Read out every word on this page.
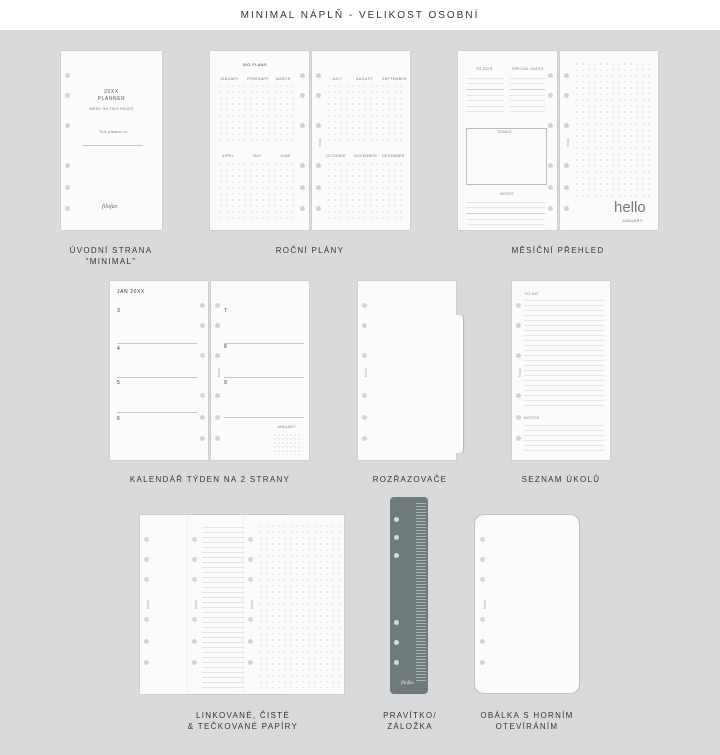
MINIMAL NÁPLŇ - VELIKOST OSOBNÍ
20XX
PLANNER
WEEK ON TWO PAGES
This planner is:
filofax
ÚVODNÍ STRANA
"MINIMAL"
BIG PLANS
JANUARY FEBRUARY MARCH
APRIL	MAY	JUNE
JULY	AUGUST	SEPTEMBER
OCTOBER NOVEMBER DECEMBER
filofax
ROČNÍ PLÁNY
TO-DO'S	SPECIAL DATES
GOALS
NOTES
hello
JANUARY
filofax
MĚSÍČNÍ PŘEHLED
JAN 20XX
3
4
5
6
7
8
9
JANUARY
filofax
KALENDÁŘ TÝDEN NA 2 STRANY
filofax
ROZŘAZOVAČE
TO-DO
NOTES
filofax
SEZNAM ÚKOLŮ
filofax	filofax	filofax
LINKOVANÉ, ČISTÉ
& TEČKOVANÉ PAPÍRY
filofax
PRAVÍTKO/
ZÁLOŽKA
filofax
OBÁLKA S HORNÍM
OTEVÍRÁNÍM
